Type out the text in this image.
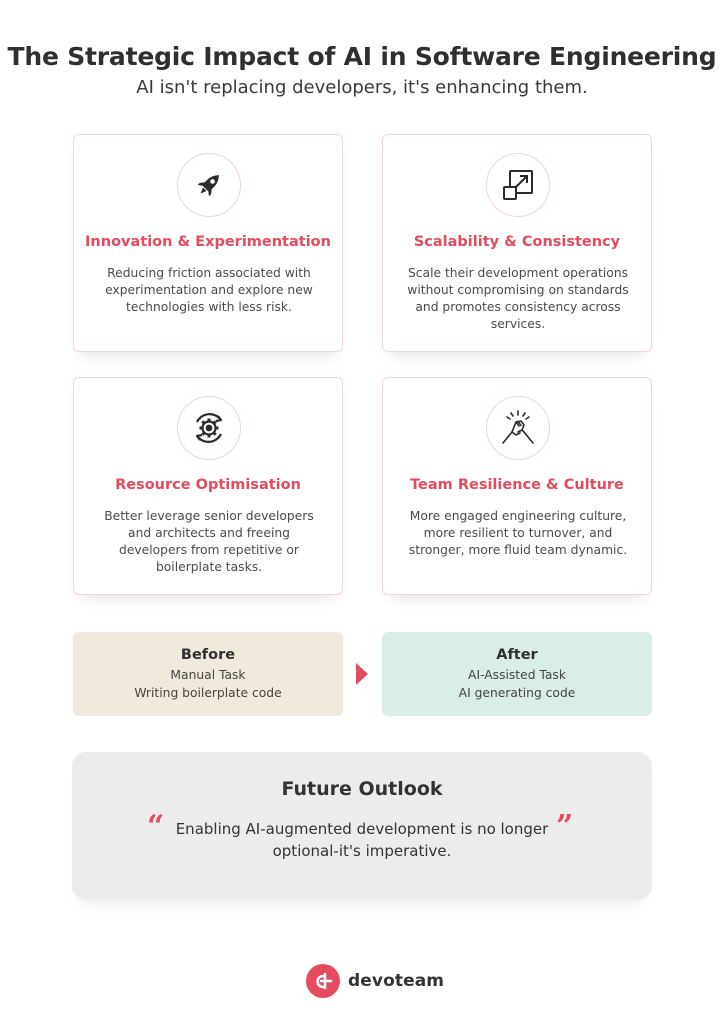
The Strategic Impact of AI in Software Engineering
AI isn't replacing developers, it's enhancing them.
Innovation & Experimentation
Reducing friction associated with experimentation and explore new technologies with less risk.
Scalability & Consistency
Scale their development operations without compromising on standards and promotes consistency across services.
Resource Optimisation
Better leverage senior developers and architects and freeing developers from repetitive or boilerplate tasks.
Team Resilience & Culture
More engaged engineering culture, more resilient to turnover, and stronger, more fluid team dynamic.
Before
Manual Task
Writing boilerplate code
After
AI-Assisted Task
AI generating code
Future Outlook
“ Enabling AI-augmented development is no longer optional-it's imperative.
”
devoteam
